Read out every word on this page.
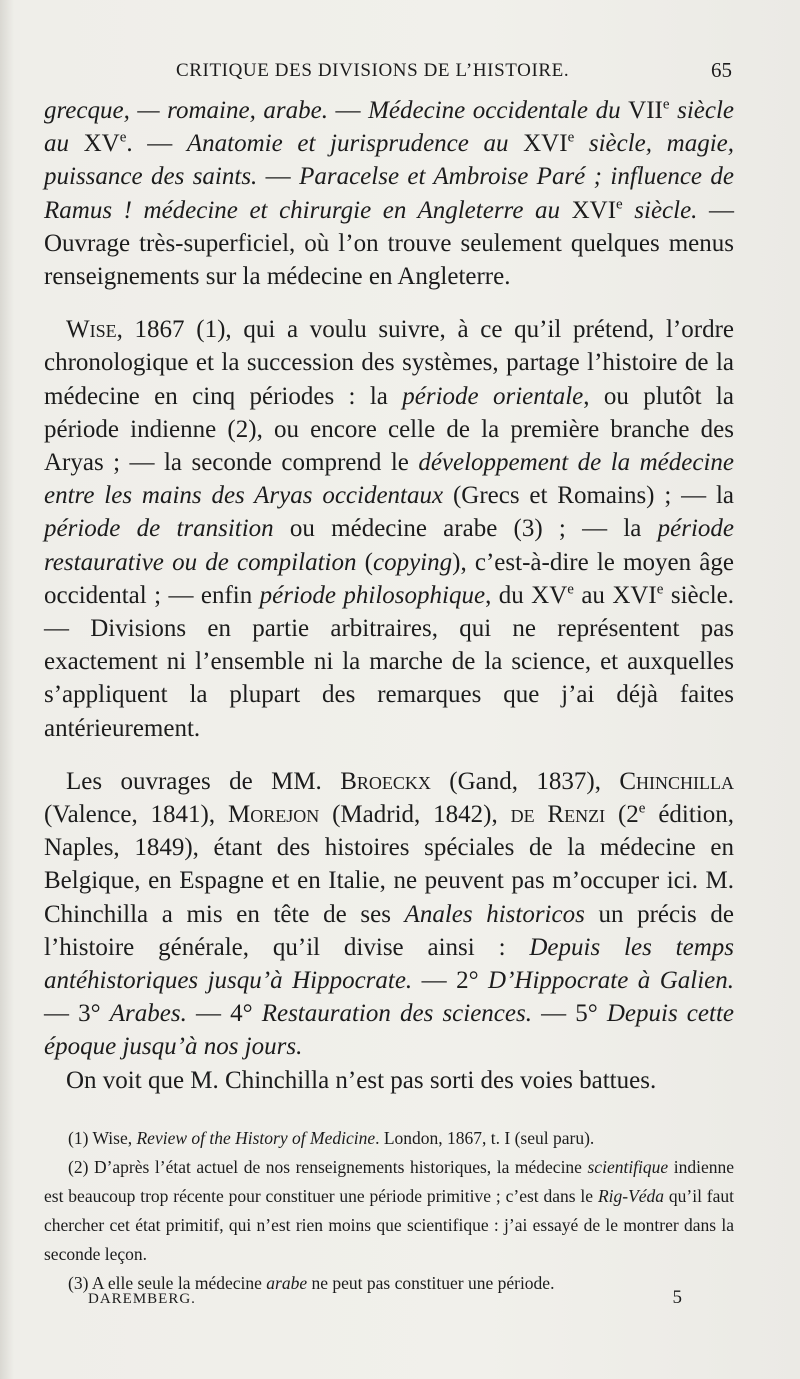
CRITIQUE DES DIVISIONS DE L’HISTOIRE.	65

grecque, — romaine, arabe. — Médecine occidentale du VIIe siècle au XVe. — Anatomie et jurisprudence au XVIe siècle, magie, puissance des saints. — Paracelse et Ambroise Paré ; influence de Ramus ! médecine et chirurgie en Angleterre au XVIe siècle. — Ouvrage très-superficiel, où l’on trouve seulement quelques menus renseignements sur la médecine en Angleterre.

Wise, 1867 (1), qui a voulu suivre, à ce qu’il prétend, l’ordre chronologique et la succession des systèmes, partage l’histoire de la médecine en cinq périodes : la période orientale, ou plutôt la période indienne (2), ou encore celle de la première branche des Aryas ; — la seconde comprend le développement de la médecine entre les mains des Aryas occidentaux (Grecs et Romains) ; — la période de transition ou médecine arabe (3) ; — la période restaurative ou de compilation (copying), c’est-à-dire le moyen âge occidental ; — enfin période philosophique, du XVe au XVIe siècle. — Divisions en partie arbitraires, qui ne représentent pas exactement ni l’ensemble ni la marche de la science, et auxquelles s’appliquent la plupart des remarques que j’ai déjà faites antérieurement.

Les ouvrages de MM. Broeckx (Gand, 1837), Chinchilla (Valence, 1841), Morejon (Madrid, 1842), de Renzi (2e édition, Naples, 1849), étant des histoires spéciales de la médecine en Belgique, en Espagne et en Italie, ne peuvent pas m’occuper ici. M. Chinchilla a mis en tête de ses Anales historicos un précis de l’histoire générale, qu’il divise ainsi : Depuis les temps antéhistoriques jusqu’à Hippocrate. — 2° D’Hippocrate à Galien. — 3° Arabes. — 4° Restauration des sciences. — 5° Depuis cette époque jusqu’à nos jours.

On voit que M. Chinchilla n’est pas sorti des voies battues.

(1) Wise, Review of the History of Medicine. London, 1867, t. I (seul paru).

(2) D’après l’état actuel de nos renseignements historiques, la médecine scientifique indienne est beaucoup trop récente pour constituer une période primitive ; c’est dans le Rig-Véda qu’il faut chercher cet état primitif, qui n’est rien moins que scientifique : j’ai essayé de le montrer dans la seconde leçon.

(3) A elle seule la médecine arabe ne peut pas constituer une période.

DAREMBERG.	5
